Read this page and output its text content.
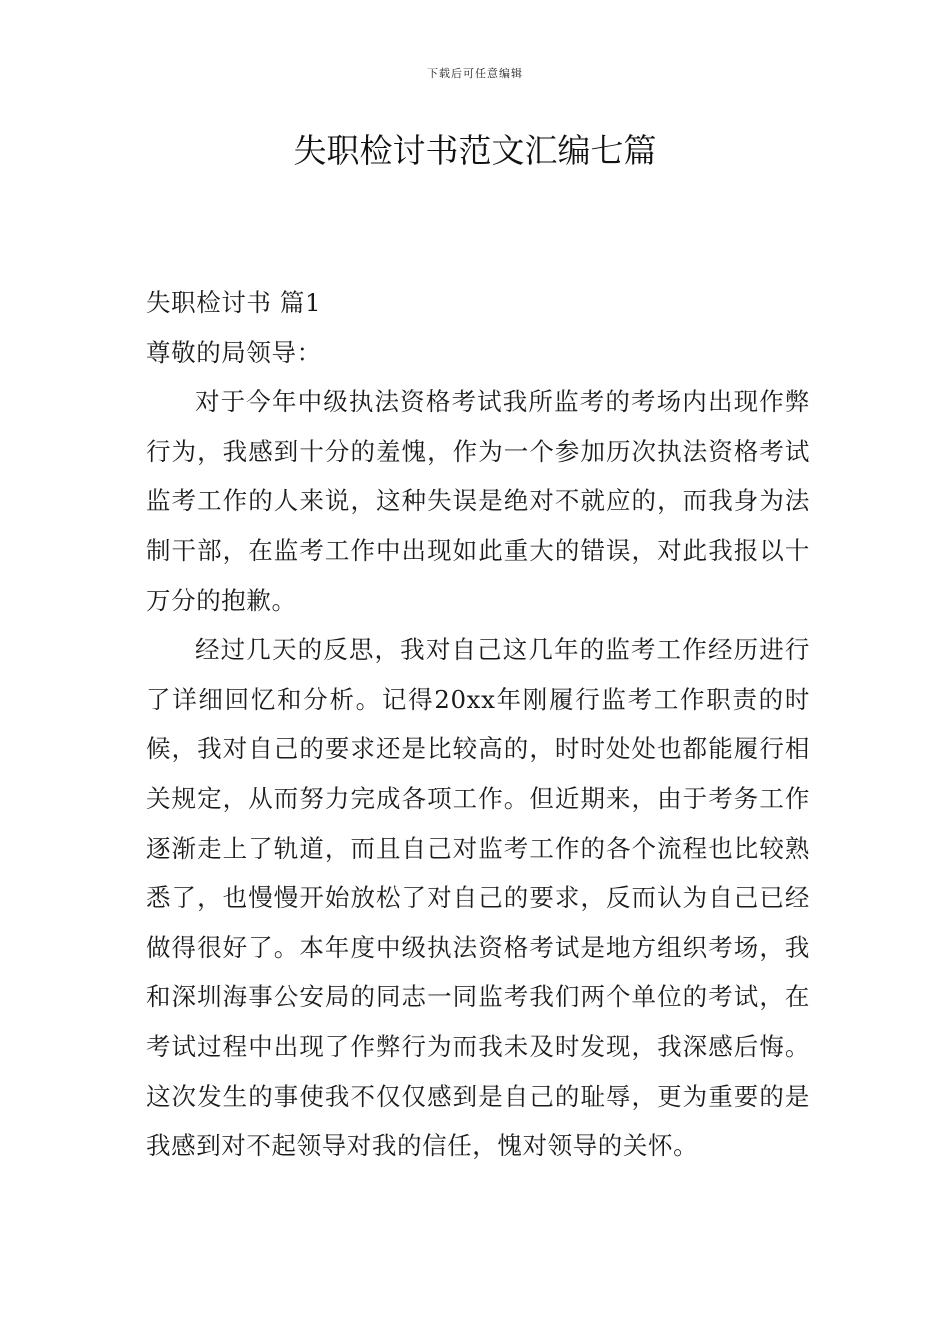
下载后可任意编辑
失职检讨书范文汇编七篇

失职检讨书 篇1

尊敬的局领导：

对于今年中级执法资格考试我所监考的考场内出现作弊行为，我感到十分的羞愧，作为一个参加历次执法资格考试监考工作的人来说，这种失误是绝对不就应的，而我身为法制干部，在监考工作中出现如此重大的错误，对此我报以十万分的抱歉。

经过几天的反思，我对自己这几年的监考工作经历进行了详细回忆和分析。记得20xx年刚履行监考工作职责的时候，我对自己的要求还是比较高的，时时处处也都能履行相关规定，从而努力完成各项工作。但近期来，由于考务工作逐渐走上了轨道，而且自己对监考工作的各个流程也比较熟悉了，也慢慢开始放松了对自己的要求，反而认为自己已经做得很好了。本年度中级执法资格考试是地方组织考场，我和深圳海事公安局的同志一同监考我们两个单位的考试，在考试过程中出现了作弊行为而我未及时发现，我深感后悔。这次发生的事使我不仅仅感到是自己的耻辱，更为重要的是我感到对不起领导对我的信任，愧对领导的关怀。
